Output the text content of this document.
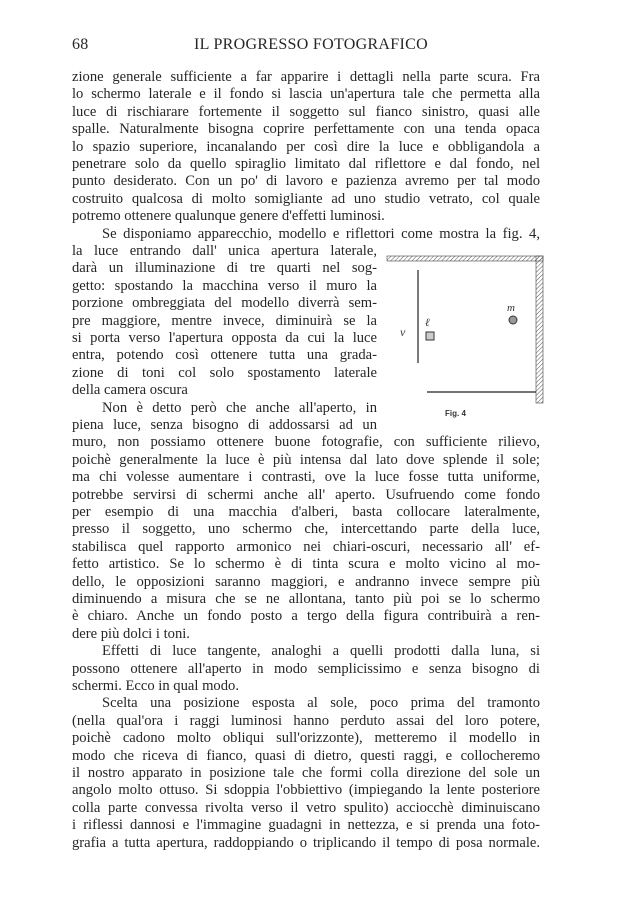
68	IL PROGRESSO FOTOGRAFICO
zione generale sufficiente a far apparire i dettagli nella parte scura. Fra
lo schermo laterale e il fondo si lascia un'apertura tale che permetta alla
luce di rischiarare fortemente il soggetto sul fianco sinistro, quasi alle
spalle. Naturalmente bisogna coprire perfettamente con una tenda opaca
lo spazio superiore, incanalando per così dire la luce e obbligandola a
penetrare solo da quello spiraglio limitato dal riflettore e dal fondo, nel
punto desiderato. Con un po' di lavoro e pazienza avremo per tal modo
costruito qualcosa di molto somigliante ad uno studio vetrato, col quale
potremo ottenere qualunque genere d'effetti luminosi.
Se disponiamo apparecchio, modello e riflettori come mostra la fig. 4,
la luce entrando dall' unica apertura laterale,
darà un illuminazione di tre quarti nel sog-
getto: spostando la macchina verso il muro la
porzione ombreggiata del modello diverrà sem-
pre maggiore, mentre invece, diminuirà se la
si porta verso l'apertura opposta da cui la luce
entra, potendo così ottenere tutta una grada-
zione di toni col solo spostamento laterale
della camera oscura
Non è detto però che anche all'aperto, in
piena luce, senza bisogno di addossarsi ad un
muro, non possiamo ottenere buone fotografie, con sufficiente rilievo,
poichè generalmente la luce è più intensa dal lato dove splende il sole;
ma chi volesse aumentare i contrasti, ove la luce fosse tutta uniforme,
potrebbe servirsi di schermi anche all' aperto. Usufruendo come fondo
per esempio di una macchia d'alberi, basta collocare lateralmente,
presso il soggetto, uno schermo che, intercettando parte della luce,
stabilisca quel rapporto armonico nei chiari-oscuri, necessario all' ef-
fetto artistico. Se lo schermo è di tinta scura e molto vicino al mo-
dello, le opposizioni saranno maggiori, e andranno invece sempre più
diminuendo a misura che se ne allontana, tanto più poi se lo schermo
è chiaro. Anche un fondo posto a tergo della figura contribuirà a ren-
dere più dolci i toni.
Effetti di luce tangente, analoghi a quelli prodotti dalla luna, si
possono ottenere all'aperto in modo semplicissimo e senza bisogno di
schermi. Ecco in qual modo.
Scelta una posizione esposta al sole, poco prima del tramonto
(nella qual'ora i raggi luminosi hanno perduto assai del loro potere,
poichè cadono molto obliqui sull'orizzonte), metteremo il modello in
modo che riceva di fianco, quasi di dietro, questi raggi, e collocheremo
il nostro apparato in posizione tale che formi colla direzione del sole un
angolo molto ottuso. Si sdoppia l'obbiettivo (impiegando la lente posteriore
colla parte convessa rivolta verso il vetro spulito) acciocchè diminuiscano
i riflessi dannosi e l'immagine guadagni in nettezza, e si prenda una foto-
grafia a tutta apertura, raddoppiando o triplicando il tempo di posa normale.
v
ℓ
m
Fig. 4
